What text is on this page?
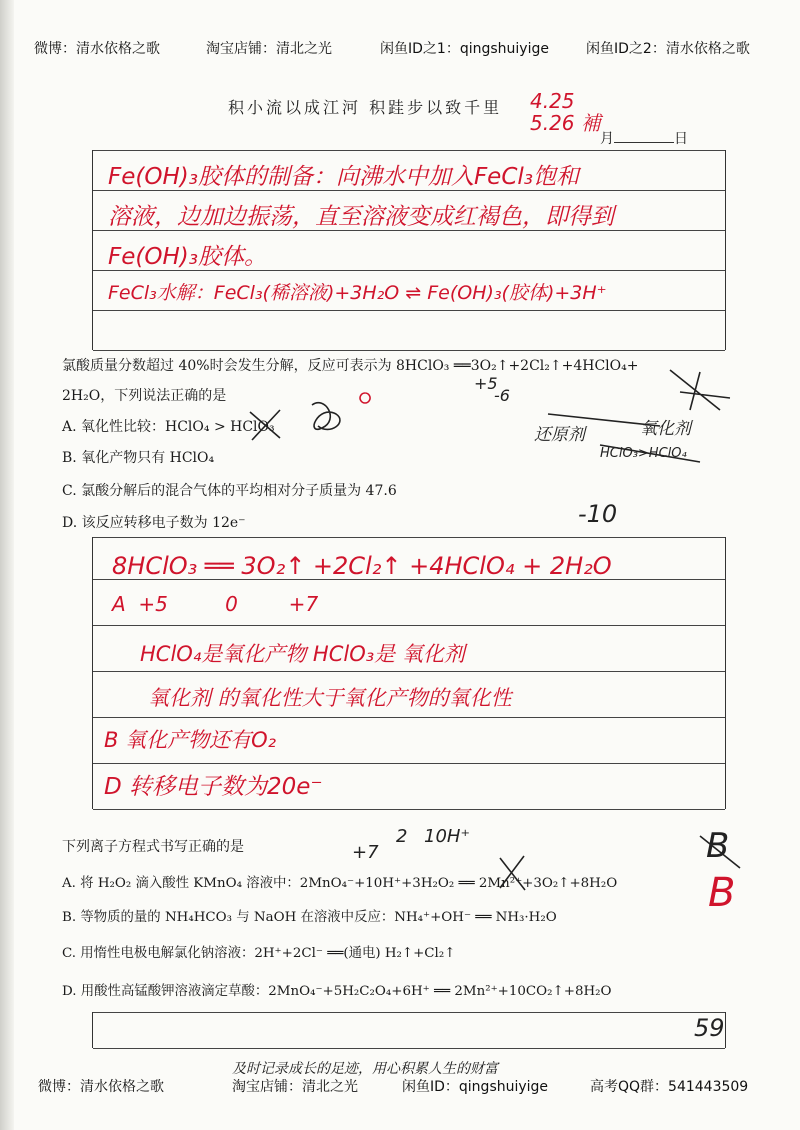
微博：清水依格之歌	淘宝店铺：清北之光	闲鱼ID之1：qingshuiyige	闲鱼ID之2：清水依格之歌
积小流以成江河 积跬步以致千里 4.25 5.26 補
月	日
Fe(OH)₃胶体的制备：向沸水中加入FeCl₃饱和
溶液，边加边振荡，直至溶液变成红褐色，即得到
Fe(OH)₃胶体。
FeCl₃水解：FeCl₃(稀溶液)+3H₂O ⇌ Fe(OH)₃(胶体)+3H⁺
氯酸质量分数超过 40%时会发生分解，反应可表示为 8HClO₃ ══3O₂↑+2Cl₂↑+4HClO₄+
2H₂O，下列说法正确的是
A. 氧化性比较：HClO₄ > HClO₃
B. 氧化产物只有 HClO₄
C. 氯酸分解后的混合气体的平均相对分子质量为 47.6
D. 该反应转移电子数为 12e⁻
+5
-6
-10
还原剂	氧化剂
HClO₃>HClO₄
8HClO₃ ══ 3O₂↑ +2Cl₂↑ +4HClO₄ + 2H₂O
A  +5         0        +7
HClO₄是氧化产物 HClO₃是 氧化剂
氧化剂 的氧化性大于氧化产物的氧化性
B 氧化产物还有O₂
D 转移电子数为20e⁻
下列离子方程式书写正确的是	+7
2 10H⁺
A. 将 H₂O₂ 滴入酸性 KMnO₄ 溶液中：2MnO₄⁻+10H⁺+3H₂O₂ ══ 2Mn²⁺+3O₂↑+8H₂O
B. 等物质的量的 NH₄HCO₃ 与 NaOH 在溶液中反应：NH₄⁺+OH⁻ ══ NH₃·H₂O
C. 用惰性电极电解氯化钠溶液：2H⁺+2Cl⁻ ══(通电) H₂↑+Cl₂↑
D. 用酸性高锰酸钾溶液滴定草酸：2MnO₄⁻+5H₂C₂O₄+6H⁺ ══ 2Mn²⁺+10CO₂↑+8H₂O
B
B
59
及时记录成长的足迹，用心积累人生的财富
微博：清水依格之歌	淘宝店铺：清北之光	闲鱼ID：qingshuiyige	高考QQ群：541443509
